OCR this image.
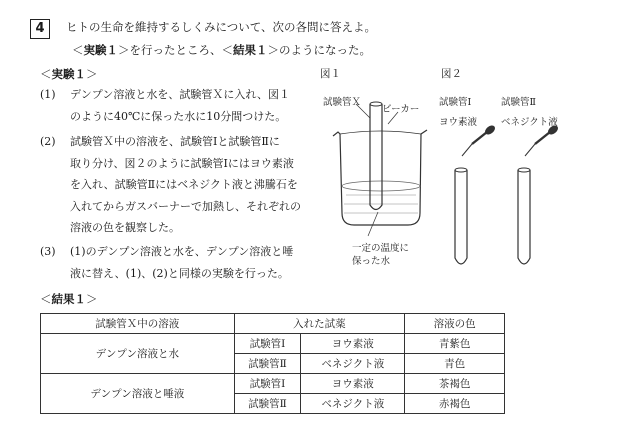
4	ヒトの生命を維持するしくみについて、次の各問に答えよ。
＜実験１＞を行ったところ、＜結果１＞のようになった。
＜実験１＞
(1) デンプン溶液と水を、試験管Ｘに入れ、図１
のように40℃に保った水に10分間つけた。
(2) 試験管Ｘ中の溶液を、試験管Ⅰと試験管Ⅱに
取り分け、図２のように試験管Ⅰにはヨウ素液
を入れ、試験管Ⅱにはベネジクト液と沸騰石を
入れてからガスバーナーで加熱し、それぞれの
溶液の色を観察した。
(3) (1)のデンプン溶液と水を、デンプン溶液と唾
液に替え、(1)、(2)と同様の実験を行った。
図１
試験管Ｘ
ビーカー
一定の温度に
保った水
図２
試験管Ⅰ	試験管Ⅱ
ヨウ素液	ベネジクト液
＜結果１＞
試験管Ｘ中の溶液	入れた試薬		溶液の色
デンプン溶液と水	試験管Ⅰ	ヨウ素液	青紫色
	試験管Ⅱ	ベネジクト液	青色
デンプン溶液と唾液	試験管Ⅰ	ヨウ素液	茶褐色
	試験管Ⅱ	ベネジクト液	赤褐色
